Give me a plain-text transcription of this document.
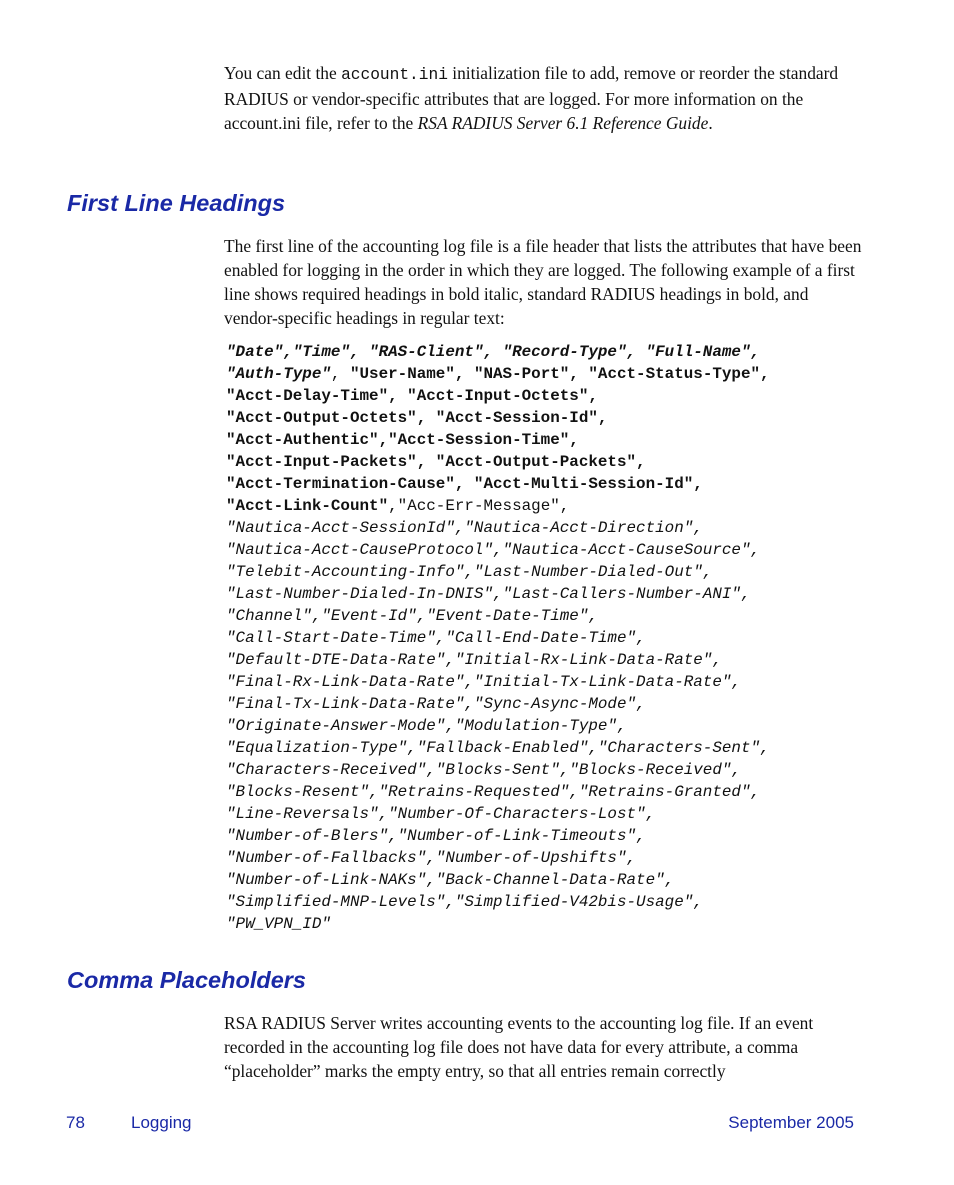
You can edit the account.ini initialization file to add, remove or reorder the standard RADIUS or vendor-specific attributes that are logged. For more information on the account.ini file, refer to the RSA RADIUS Server 6.1 Reference Guide.

First Line Headings

The first line of the accounting log file is a file header that lists the attributes that have been enabled for logging in the order in which they are logged. The following example of a first line shows required headings in bold italic, standard RADIUS headings in bold, and vendor-specific headings in regular text:

"Date","Time", "RAS-Client", "Record-Type", "Full-Name",
"Auth-Type", "User-Name", "NAS-Port", "Acct-Status-Type",
"Acct-Delay-Time", "Acct-Input-Octets",
"Acct-Output-Octets", "Acct-Session-Id",
"Acct-Authentic","Acct-Session-Time",
"Acct-Input-Packets", "Acct-Output-Packets",
"Acct-Termination-Cause", "Acct-Multi-Session-Id",
"Acct-Link-Count","Acc-Err-Message",
"Nautica-Acct-SessionId","Nautica-Acct-Direction",
"Nautica-Acct-CauseProtocol","Nautica-Acct-CauseSource",
"Telebit-Accounting-Info","Last-Number-Dialed-Out",
"Last-Number-Dialed-In-DNIS","Last-Callers-Number-ANI",
"Channel","Event-Id","Event-Date-Time",
"Call-Start-Date-Time","Call-End-Date-Time",
"Default-DTE-Data-Rate","Initial-Rx-Link-Data-Rate",
"Final-Rx-Link-Data-Rate","Initial-Tx-Link-Data-Rate",
"Final-Tx-Link-Data-Rate","Sync-Async-Mode",
"Originate-Answer-Mode","Modulation-Type",
"Equalization-Type","Fallback-Enabled","Characters-Sent",
"Characters-Received","Blocks-Sent","Blocks-Received",
"Blocks-Resent","Retrains-Requested","Retrains-Granted",
"Line-Reversals","Number-Of-Characters-Lost",
"Number-of-Blers","Number-of-Link-Timeouts",
"Number-of-Fallbacks","Number-of-Upshifts",
"Number-of-Link-NAKs","Back-Channel-Data-Rate",
"Simplified-MNP-Levels","Simplified-V42bis-Usage",
"PW_VPN_ID"
Comma Placeholders

RSA RADIUS Server writes accounting events to the accounting log file. If an event recorded in the accounting log file does not have data for every attribute, a comma “placeholder” marks the empty entry, so that all entries remain correctly

78	Logging	September 2005
